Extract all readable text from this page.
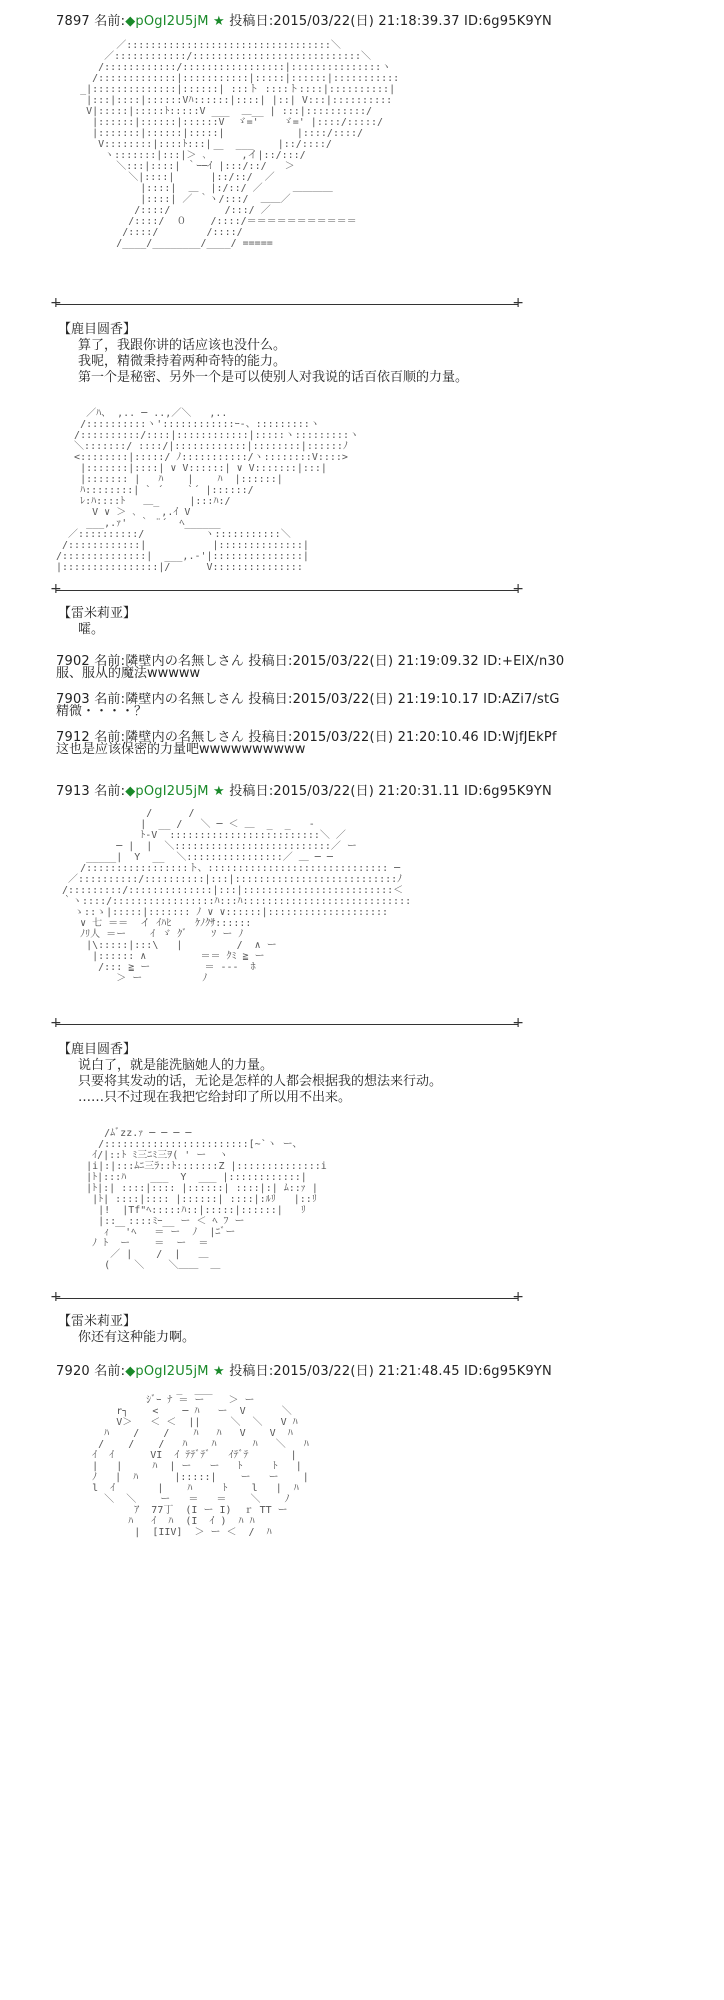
7897 名前:◆pOgI2U5jM ★ 投稿日:2015/03/22(日) 21:18:39.37 ID:6g95K9YN
／::::::::::::::::::::::::::::::::::＼
／::::::::::::/::::::::::::::::::::::::::::＼
/::::::::::::/:::::::::::::::::|:::::::::::::::ヽ
/:::::::::::::|:::::::::::|:::::|::::::|:::::::::::
_|::::::::::::::|::::::| :::ト ::::ト::::|::::::::::|
|:::|::::|::::::Vﾊ::::::|::::| |::| V:::|::::::::::
V|:::::|:::::ﾄ:::::V ___  ＿__ | :::|::::::::::/
|::::::|::::::|::::::V  ゞ='    ゞ=' |::::/:::::/
|:::::::|::::::|:::::|            |::::/::::/
V::::::::|::::ﾄ:::|    ___    |::/::::/
ヽ:::::::|:::|＞ ､ ￣   ,イ|::/:::/
＼:::|::::| ｀ｰ─ｲ |:::/::/   ＞
＼|::::|      |::/::/  ／
|::::|  ＿  |:/::/ ／     ＿＿＿＿
|::::| ／ ｀ヽ/:::/  ＿＿／
/::::/         /:::/ ／
/::::/  ０    /::::/＝＝＝＝＝＝＝＝＝＝＝
/::::/        /::::/
/____/________/____/ =====

+ +
【鹿目圆香】
算了，我跟你讲的话应该也没什么。
我呢，精微秉持着两种奇特的能力。
第一个是秘密、另外一个是可以使别人对我说的话百依百顺的力量。
／ﾊ、 ,.. ─ ..,／＼   ,..
/::::::::::ヽ'::::::::::::ｰ-、:::::::::ヽ
/::::::::::/::::|::::::::::::|:::::ヽ:::::::::ヽ
＼:::::::/ ::::/|::::::::::::|::::::::|::::::ﾉ
<::::::::|:::::/ ﾉ:::::::::::/ヽ::::::::V::::>
|:::::::|::::| ∨ V::::::| ∨ V:::::::|:::|
|::::::: |   ﾊ    |    ﾊ  |::::::|
ﾊ::::::::| ` ´    `´ |::::::/
ﾚ:ﾊ::::ﾄ   ＿_     |:::ﾊ:/
V ∨ ＞ ､    ,.ｲ V
___,.ｧ'  ｀ ¨´  ﾍ______
／::::::::::/          ヽ:::::::::::＼
/::::::::::::|           |::::::::::::::|
/::::::::::::::|  ___,.-'|:::::::::::::::|
|::::::::::::::::|/      V:::::::::::::::

+ +
【雷米莉亚】
嚯。
7902 名前:隣壁内の名無しさん 投稿日:2015/03/22(日) 21:19:09.32 ID:+ElX/n30
服、服从的魔法wwwww
7903 名前:隣壁内の名無しさん 投稿日:2015/03/22(日) 21:19:10.17 ID:AZi7/stG
精微・・・・？
7912 名前:隣壁内の名無しさん 投稿日:2015/03/22(日) 21:20:10.46 ID:WjfJEkPf
这也是应该保密的力量吧wwwwwwwwww
7913 名前:◆pOgI2U5jM ★ 投稿日:2015/03/22(日) 21:20:31.11 ID:6g95K9YN
/      /
|  __ /   ＼ ─ ＜ ＿  _  _   -
ﾄ-V  :::::::::::::::::::::::::＼ ／
─ |  |  ＼::::::::::::::::::::::::::／ ー
_____|  Y  __  ＼::::::::::::::::／ ＿ ─ ─
/:::::::::::::::::ト、:::::::::::::::::::::::::::::: ─
／::::::::::/::::::::::|:::|:::::::::::::::::::::::::::ﾉ
/:::::::::/::::::::::::::|:::|:::::::::::::::::::::::::＜
｀ヽ::::/:::::::::::::::::ﾊ:::ﾊ::::::::::::::::::::::::::::
ゝ::ゝ|:::::|::::::: ﾉ ∨ ∨::::::|::::::::::::::::::::
∨ 七 ＝＝  イ ｲﾊﾋ    ｹﾉｸｻ::::::
ﾉﾘ人 ＝ー    ｲ ゞ ｸﾞ    ｿ ー ﾉ
|\:::::|:::\   |         /  ∧ ー
|:::::: ∧         ＝＝ ｸﾐ ≧ ー
/::: ≧ ー         ＝ ‐‐‐  ﾎ
＞ ー          ﾉ

+ +
【鹿目圆香】
说白了，就是能洗脑她人的力量。
只要将其发动的话，无论是怎样的人都会根据我的想法来行动。
……只不过现在我把它给封印了所以用不出来。
/ﾑﾞzz.ｧ ─ ─ ─ ─
/::::::::::::::::::::::::[~`ヽ ー、
ｲ/|::ﾄ ﾐ三ﾆﾐ三ｦ( ' ー  ヽ
|i|:|:::ﾑﾆ三ﾗ::ﾄ:::::::Z |::::::::::::::i
|ﾄ|:::ﾊ    ___  Y  ___ |::::::::::::|
|ﾄ|:| ::::|:::: |::::::| ::::|:| ﾑ::ｧ |
|ﾄ| ::::|:::: |::::::| ::::|:ﾙﾘ   |::ﾘ
|!  |Tf"ﾍ:::::ﾊ::|:::::|::::::|   ﾘ
|::  ::::ﾐｰ__ ー ＜ ﾍ ﾌ ー
ｨ ￣'ﾍ   ＝ ー  ﾉ  |ﾆﾞー
ﾉ ﾄ  ー    ＝  ー  ＝
／ |    /  |   ＿
(    ＼    ＼＿＿  ＿

+ +
【雷米莉亚】
你还有这种能力啊。
7920 名前:◆pOgI2U5jM ★ 投稿日:2015/03/22(日) 21:21:48.45 ID:6g95K9YN
_  ___
ｼﾞｰ ﾅ ＝ ー    ＞ ー
r┐    <    ─ ﾊ   ー  V      ＼
V＞   ＜ ＜  ||     ＼  ＼   V ﾊ
ﾊ    /    /    ﾊ   ﾊ   V    V  ﾊ
/    /    /   ﾊ    ﾊ      ﾊ   ＼   ﾊ
ｲ  ｲ      VI  ｲ ﾃﾃﾞﾃﾞ   ｲﾃﾞﾃ       |
|   |     ﾊ  | ー   ー   ﾄ     ﾄ   |
ﾉ   |  ﾊ      |:::::|    ー   ー    |
l  ｲ       |    ﾊ     ﾄ    l   |  ﾊ
＼  ＼    ー   ＝   ＝    ＼    ﾉ
ｱ  77丁  (I ー I)  ｒ TT ー
ﾊ   ｲ  ﾊ  (I  ｲ )  ﾊ ﾊ
|  [IIV]  ＞ ー ＜  /  ﾊ
